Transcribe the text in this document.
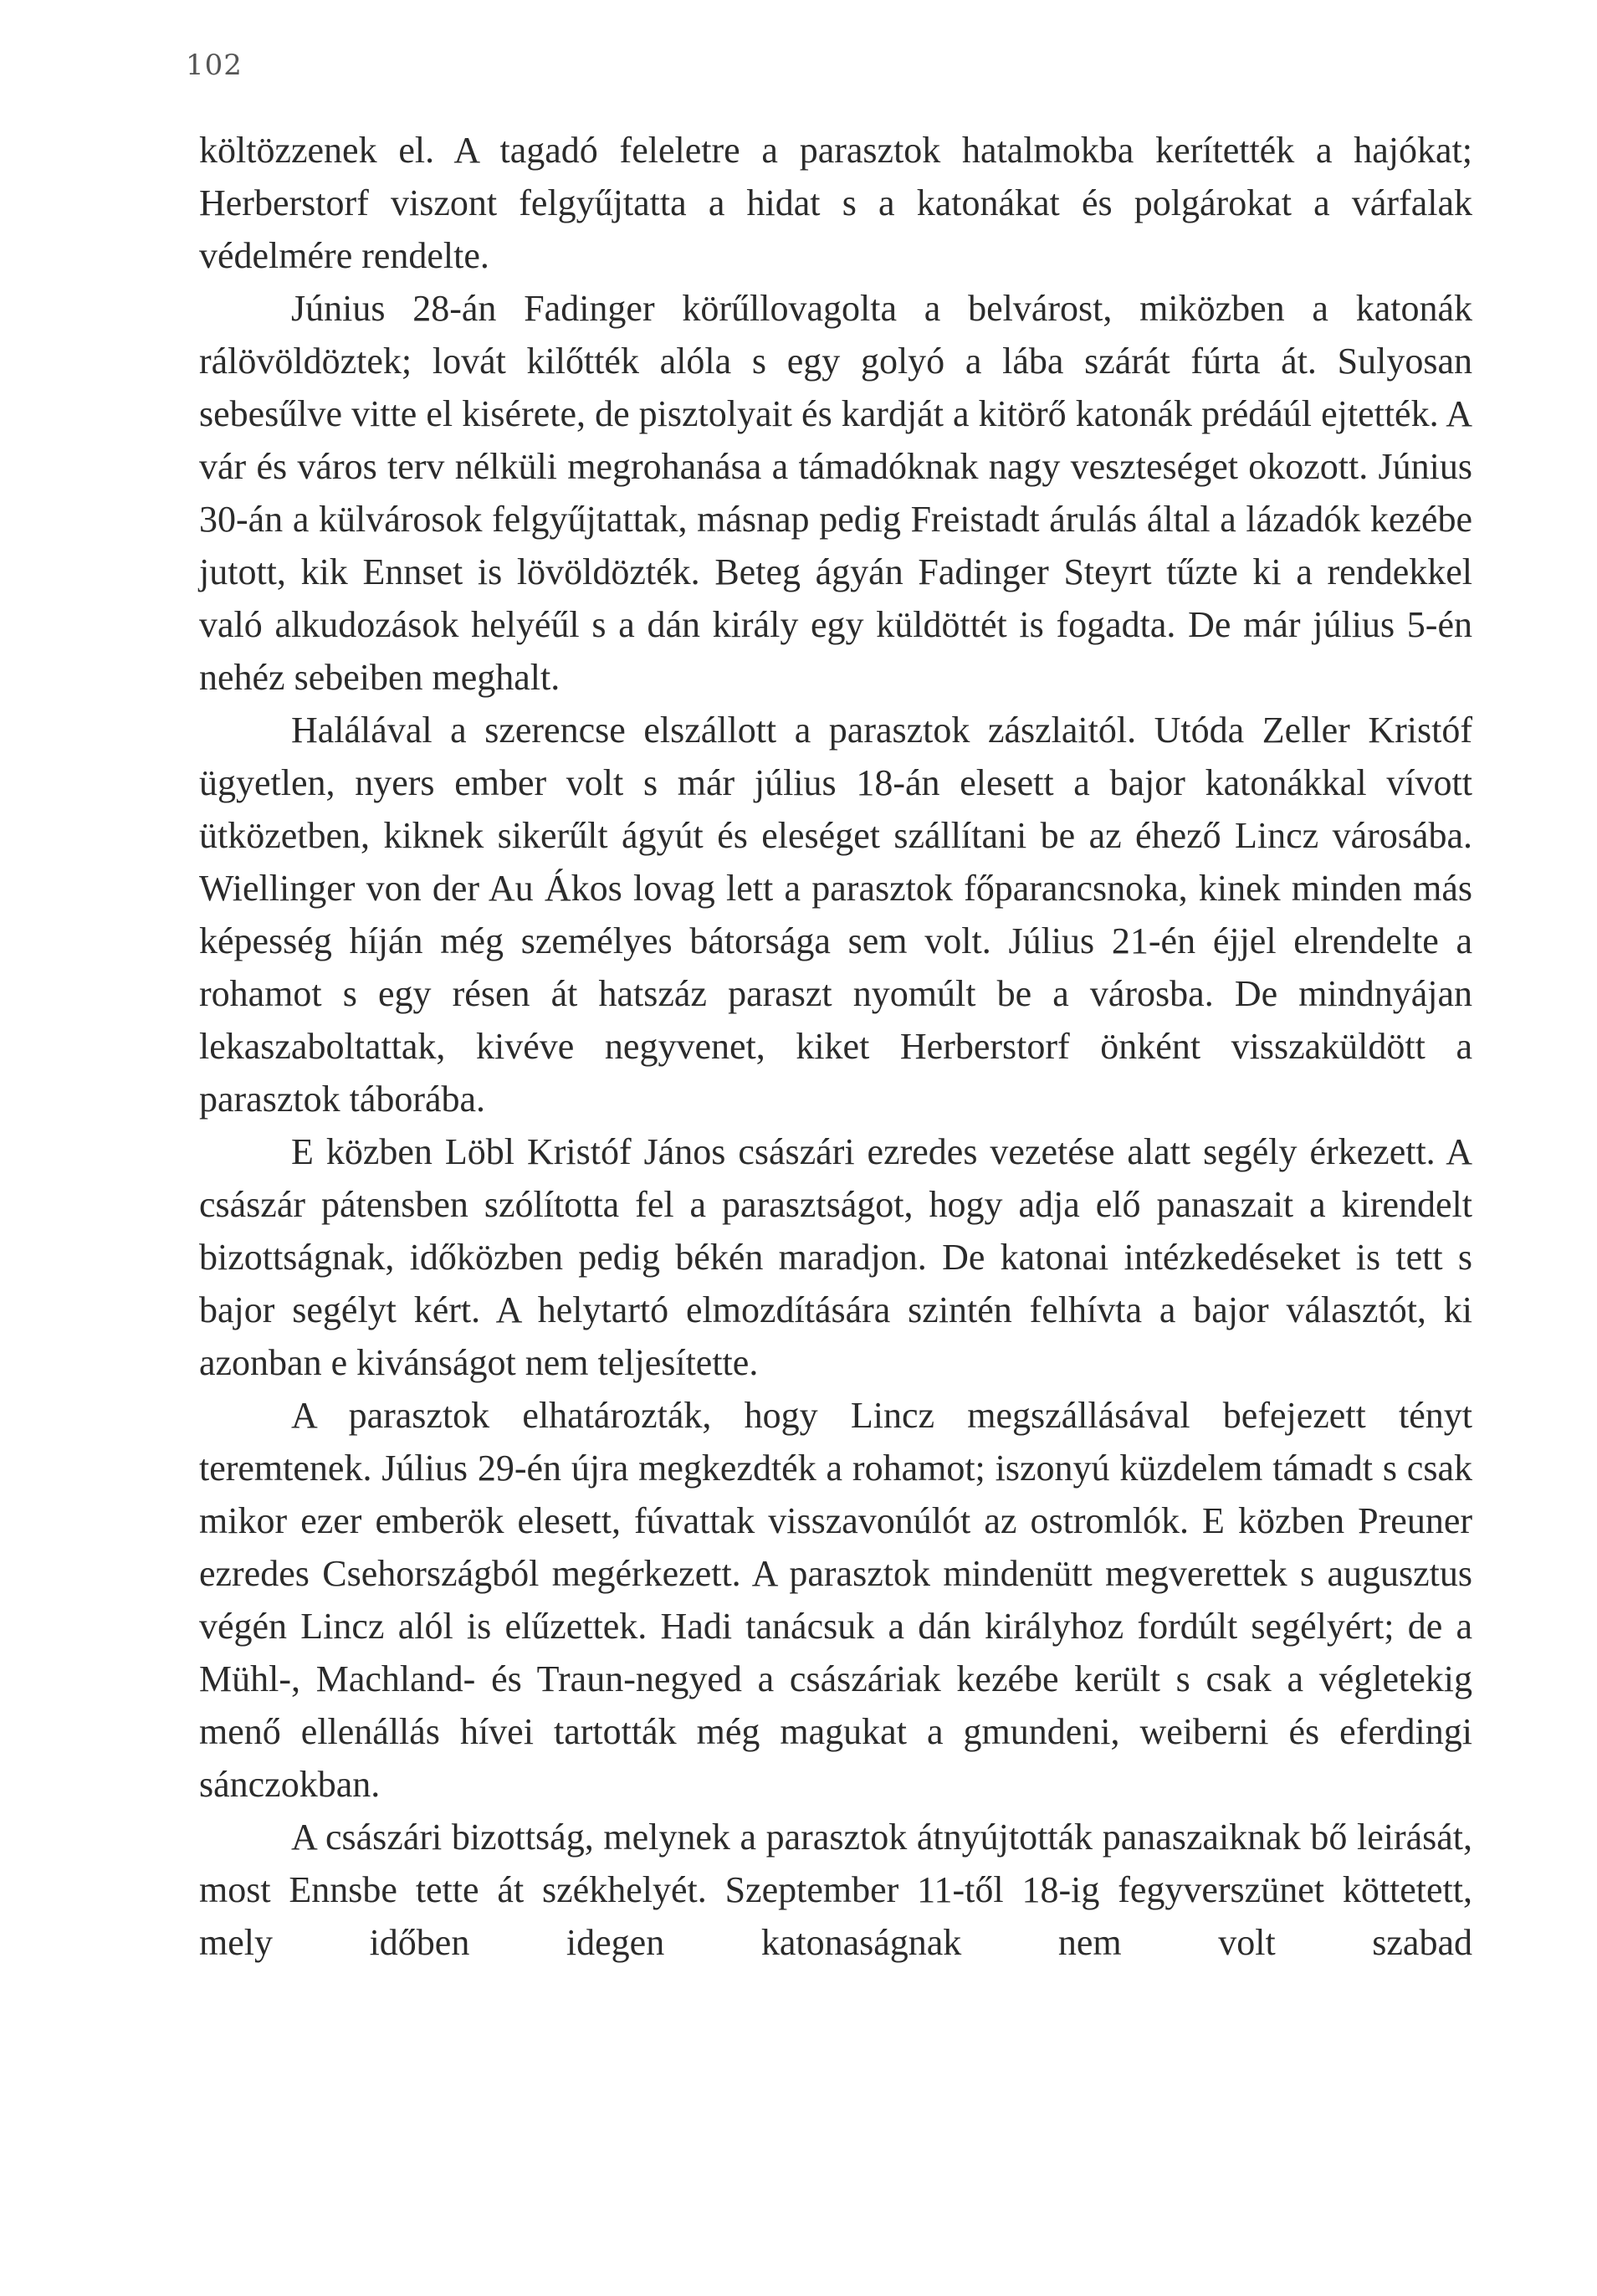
102

költözzenek el. A tagadó feleletre a parasztok hatalmokba kerítették a hajókat; Herberstorf viszont felgyűjtatta a hidat s a katonákat és polgárokat a várfalak védelmére rendelte.

Június 28-án Fadinger körűllovagolta a belvárost, miközben a katonák rálövöldöztek; lovát kilőtték alóla s egy golyó a lába szárát fúrta át. Sulyosan sebesűlve vitte el kisérete, de pisztolyait és kardját a kitörő katonák prédáúl ejtették. A vár és város terv nélküli megrohanása a támadóknak nagy veszteséget okozott. Június 30-án a külvárosok felgyűjtattak, másnap pedig Freistadt árulás által a lázadók kezébe jutott, kik Ennset is lövöldözték. Beteg ágyán Fadinger Steyrt tűzte ki a rendekkel való alkudozások helyéűl s a dán király egy küldöttét is fogadta. De már július 5-én nehéz sebeiben meghalt.

Halálával a szerencse elszállott a parasztok zászlaitól. Utóda Zeller Kristóf ügyetlen, nyers ember volt s már július 18-án elesett a bajor katonákkal vívott ütközetben, kiknek sikerűlt ágyút és eleséget szállítani be az éhező Lincz városába. Wiellinger von der Au Ákos lovag lett a parasztok főparancsnoka, kinek minden más képesség híján még személyes bátorsága sem volt. Július 21-én éjjel elrendelte a rohamot s egy résen át hatszáz paraszt nyomúlt be a városba. De mindnyájan lekaszaboltattak, kivéve negyvenet, kiket Herberstorf önként visszaküldött a parasztok táborába.

E közben Löbl Kristóf János császári ezredes vezetése alatt segély érkezett. A császár pátensben szólította fel a parasztságot, hogy adja elő panaszait a kirendelt bizottságnak, időközben pedig békén maradjon. De katonai intézkedéseket is tett s bajor segélyt kért. A helytartó elmozdítására szintén felhívta a bajor választót, ki azonban e kivánságot nem teljesítette.

A parasztok elhatározták, hogy Lincz megszállásával befejezett tényt teremtenek. Július 29-én újra megkezdték a rohamot; iszonyú küzdelem támadt s csak mikor ezer emberök elesett, fúvattak visszavonúlót az ostromlók. E közben Preuner ezredes Csehországból megérkezett. A parasztok mindenütt megverettek s augusztus végén Lincz alól is elűzettek. Hadi tanácsuk a dán királyhoz fordúlt segélyért; de a Mühl-, Machland- és Traun-negyed a császáriak kezébe került s csak a végletekig menő ellenállás hívei tartották még magukat a gmundeni, weiberni és eferdingi sánczokban.

A császári bizottság, melynek a parasztok átnyújtották panaszaiknak bő leirását, most Ennsbe tette át székhelyét. Szeptember 11-től 18-ig fegyverszünet köttetett, mely időben idegen katonaságnak nem volt szabad
